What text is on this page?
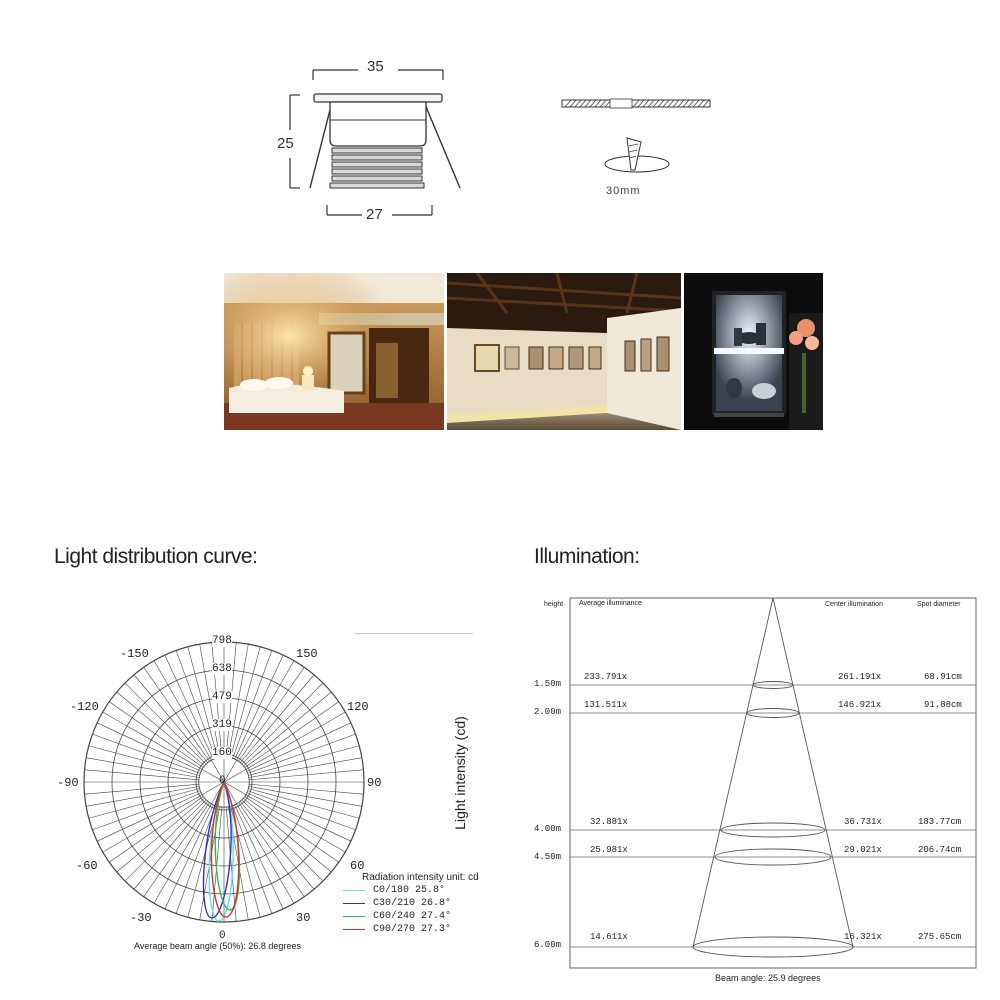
35
25
27
30mm
Light distribution curve:
-150	150
-120	120
-90	90
-60	60
-30	30
0
798
638
479
319
160
0	Light intensity (cd)
Radiation intensity unit: cd
C0/180 25.8°
C30/210 26.8°
C60/240 27.4°
C90/270 27.3°
Average beam angle (50%): 26.8 degrees
Illumination:
height Average illuminance	Center illumination	Spot diameter
1.50m
233.791x	261.191x	68.91cm
2.00m
131.511x	146.921x	91.88cm
4.00m
32.881x	36.731x	183.77cm
4.50m
25.981x	29.021x	206.74cm
6.00m
14.611x	16.321x	275.65cm
Beam angle: 25.9 degrees
